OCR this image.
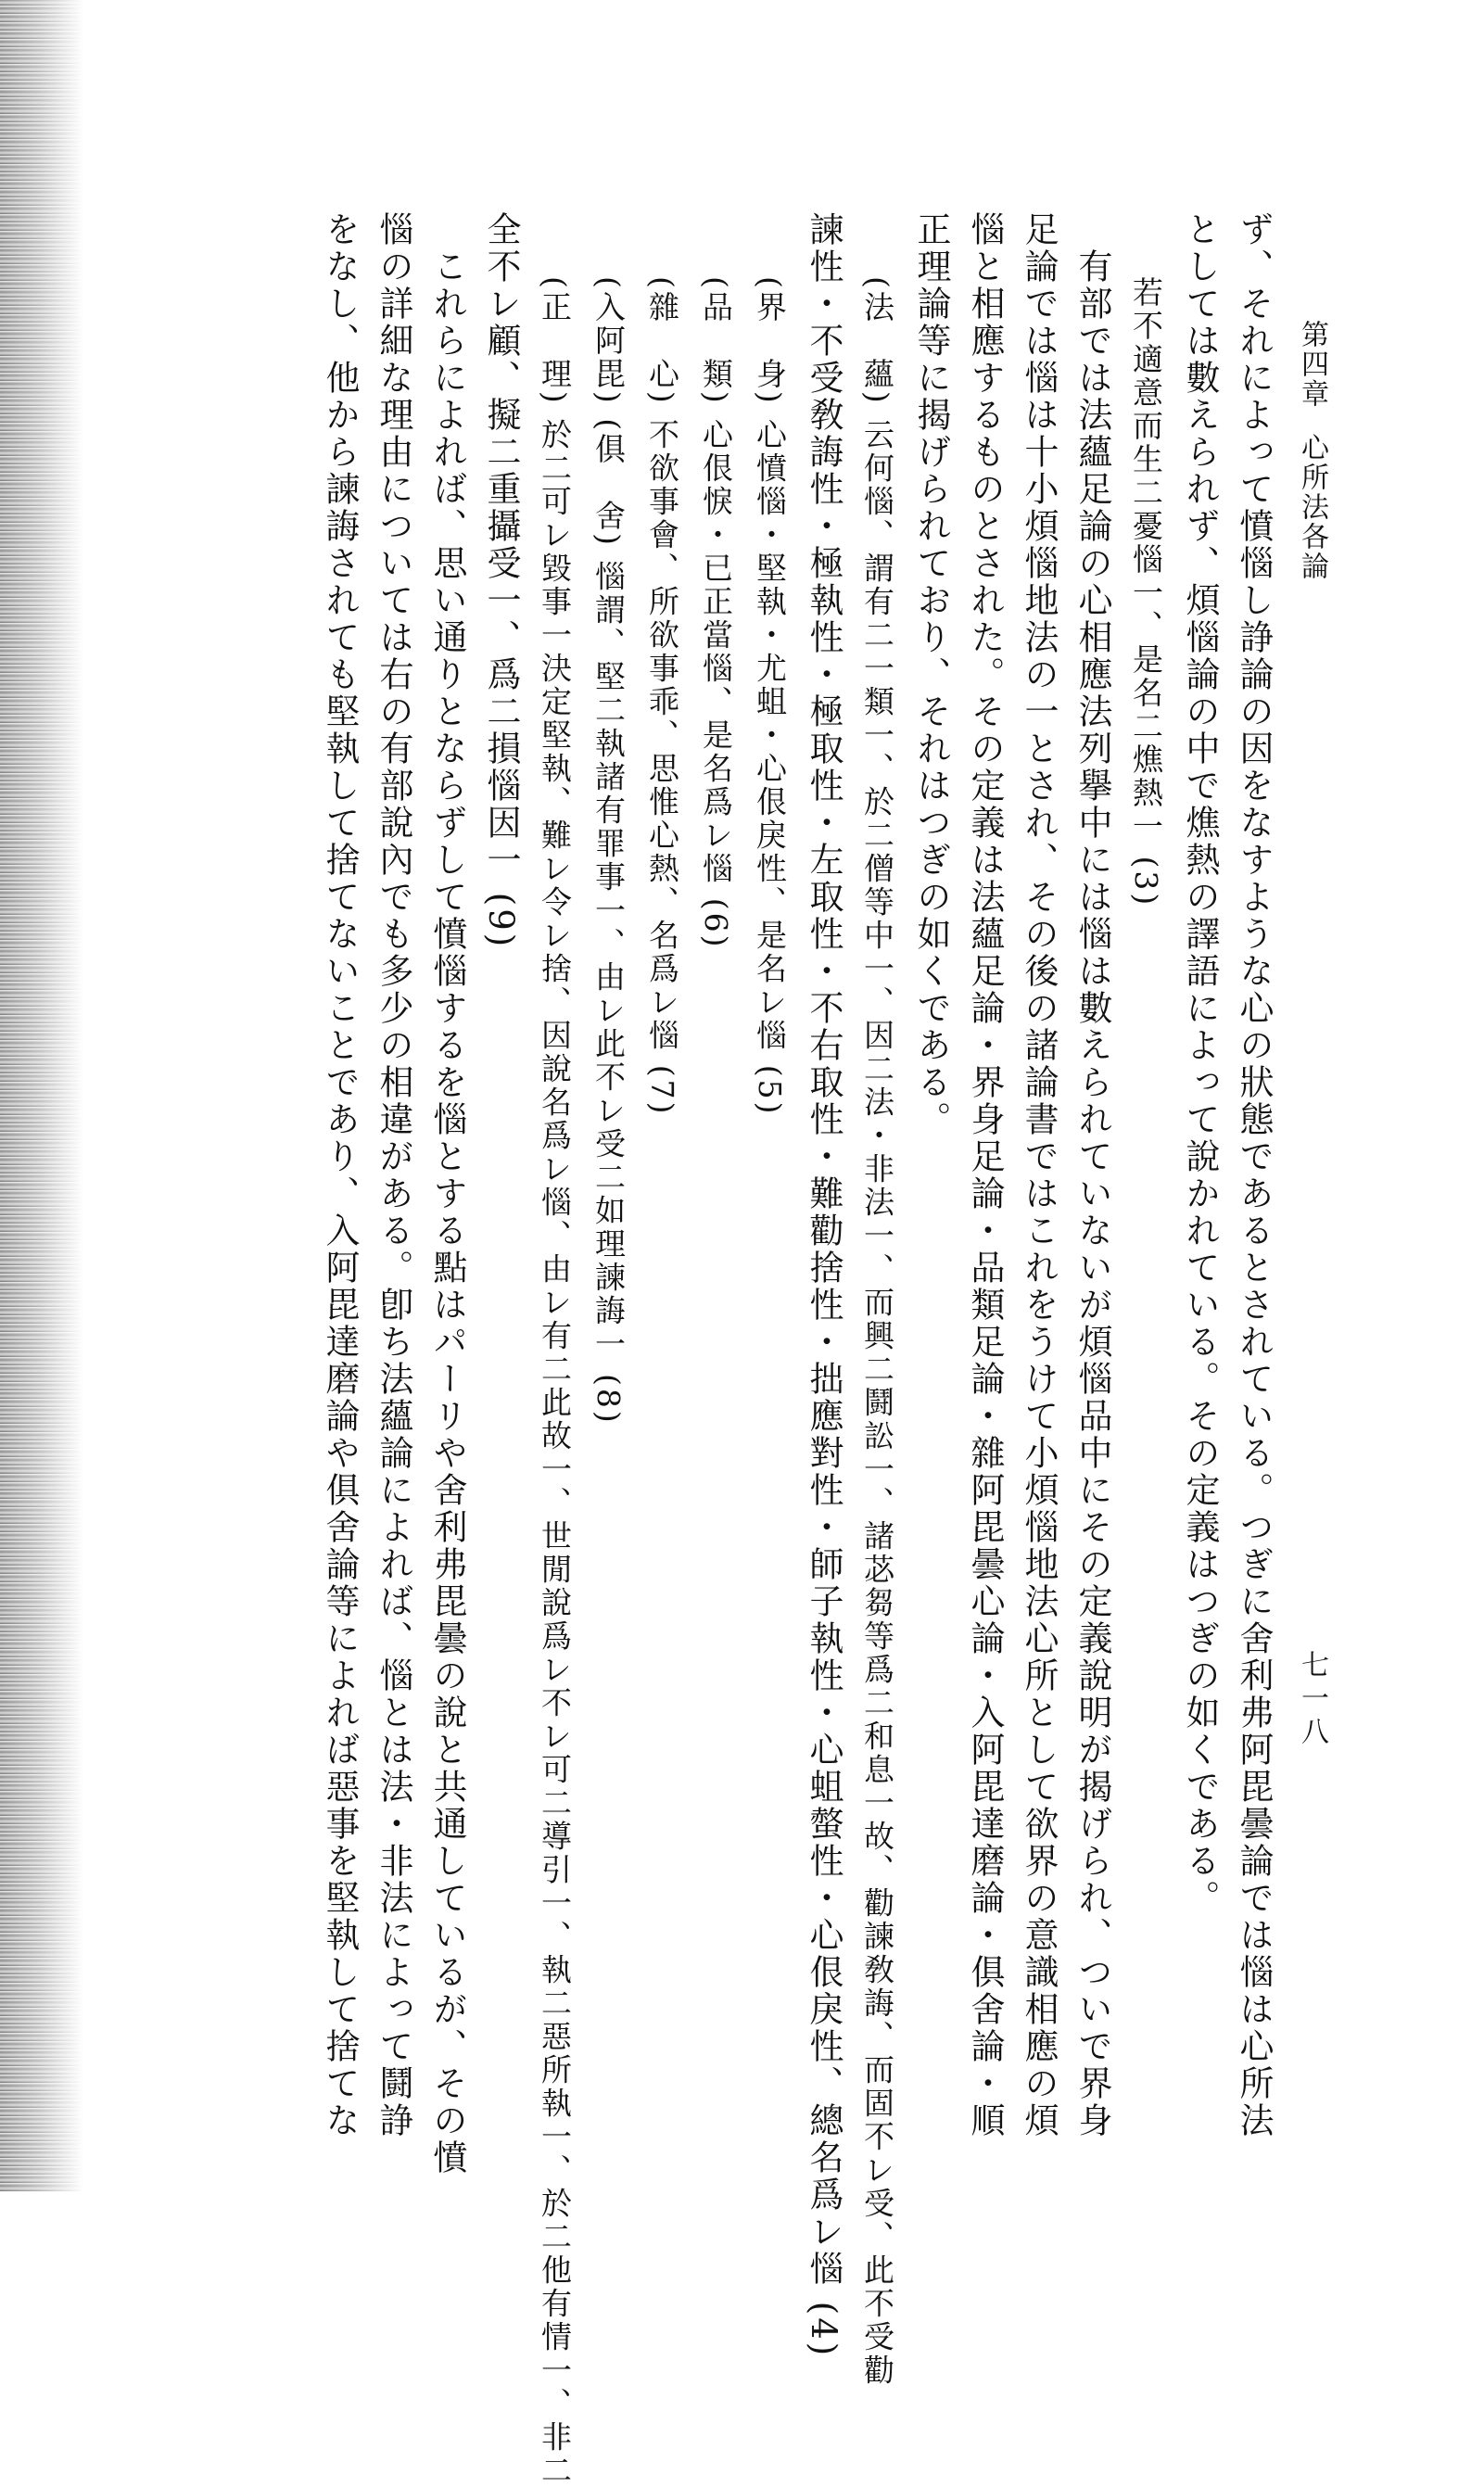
第四章心所法各論
七一八

ず、それによって憤惱し諍論の因をなすような心の狀態であるとされている。つぎに舍利弗阿毘曇論では惱は心所法

としては數えられず、煩惱論の中で燋熱の譯語によって說かれている。その定義はつぎの如くである。

若不適意而生二憂惱一、是名二燋熱一 (3)

有部では法蘊足論の心相應法列擧中には惱は數えられていないが煩惱品中にその定義說明が揭げられ、ついで界身

足論では惱は十小煩惱地法の一とされ、その後の諸論書ではこれをうけて小煩惱地法心所として欲界の意識相應の煩

惱と相應するものとされた。その定義は法蘊足論・界身足論・品類足論・雜阿毘曇心論・入阿毘達磨論・俱舍論・順

正理論等に揭げられており、それはつぎの如くである。

(法　蘊) 云何惱、謂有二一類一、於二僧等中一、因二法・非法一、而興二鬪訟一、諸苾芻等爲二和息一故、勸諫敎誨、而固不レ受、此不受勸

諫性・不受敎誨性・極執性・極取性・左取性・不右取性・難勸捨性・拙應對性・師子執性・心蛆螫性・心佷戾性、總名爲レ惱 (4)

(界　身) 心憤惱・堅執・尤蛆・心佷戾性、是名レ惱 (5)

(品　類) 心佷悷・已正當惱、是名爲レ惱 (6)

(雜　心) 不欲事會、所欲事乖、思惟心熱、名爲レ惱 (7)

(入阿毘) (俱　舍) 惱謂、堅二執諸有罪事一、由レ此不レ受二如理諫誨一 (8)

(正　理) 於二可レ毀事一決定堅執、難レ令レ捨、因說名爲レ惱、由レ有二此故一、世閒說爲レ不レ可二導引一、執二惡所執一、於二他有情一、非二

全不レ顧、擬二重攝受一、爲二損惱因一 (9)

これらによれば、思い通りとならずして憤惱するを惱とする點はパーリや舍利弗毘曇の說と共通しているが、その憤

惱の詳細な理由については右の有部說內でも多少の相違がある。卽ち法蘊論によれば、惱とは法・非法によって鬪諍

をなし、他から諫誨されても堅執して捨てないことであり、入阿毘達磨論や俱舍論等によれば惡事を堅執して捨てな
